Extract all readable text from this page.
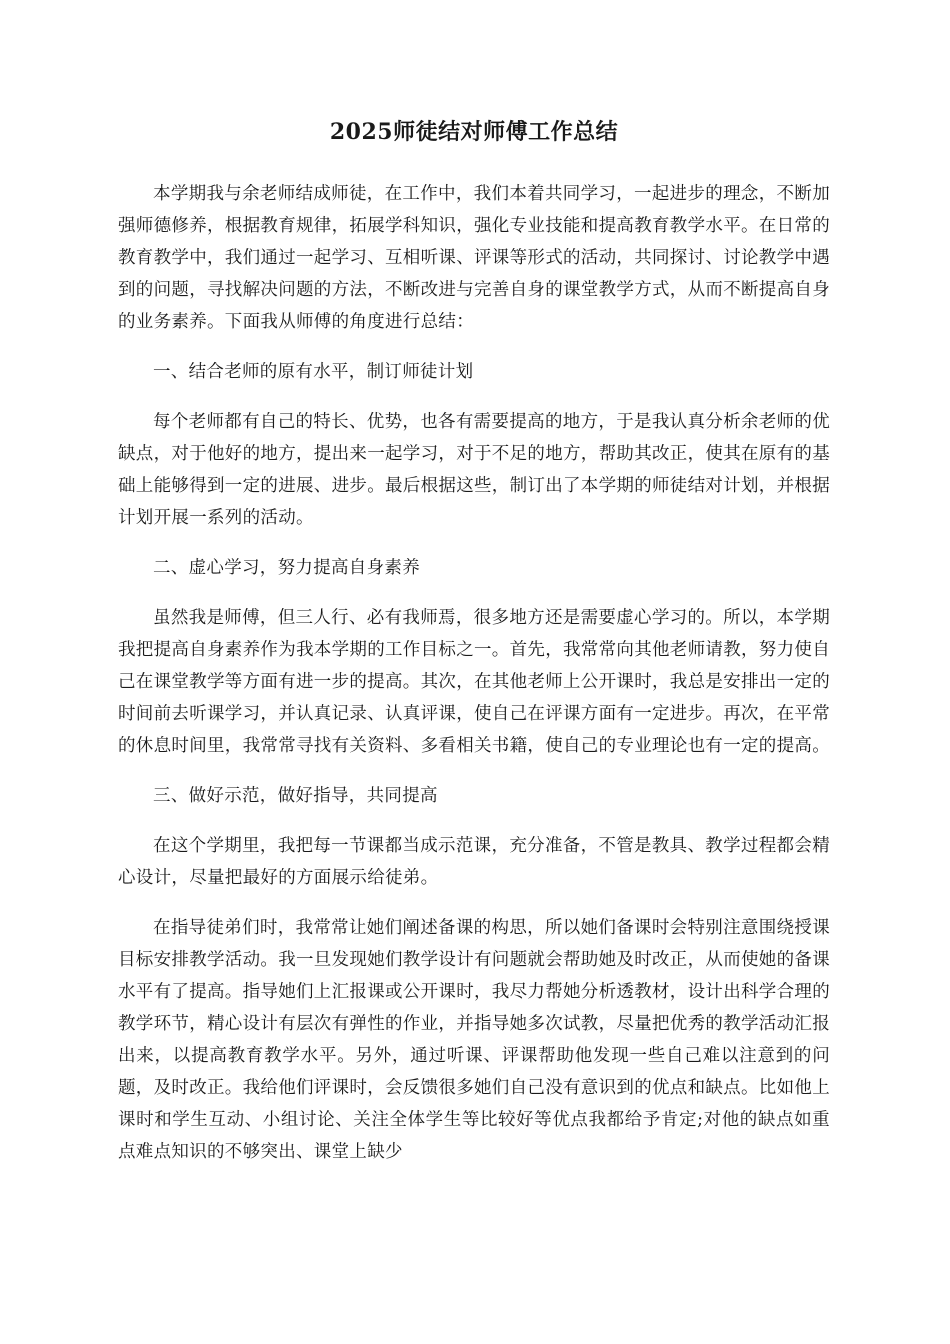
2025师徒结对师傅工作总结

本学期我与余老师结成师徒，在工作中，我们本着共同学习，一起进步的理念，不断加强师德修养，根据教育规律，拓展学科知识，强化专业技能和提高教育教学水平。在日常的教育教学中，我们通过一起学习、互相听课、评课等形式的活动，共同探讨、讨论教学中遇到的问题，寻找解决问题的方法，不断改进与完善自身的课堂教学方式，从而不断提高自身的业务素养。下面我从师傅的角度进行总结：

一、结合老师的原有水平，制订师徒计划

每个老师都有自己的特长、优势，也各有需要提高的地方，于是我认真分析余老师的优缺点，对于他好的地方，提出来一起学习，对于不足的地方，帮助其改正，使其在原有的基础上能够得到一定的进展、进步。最后根据这些，制订出了本学期的师徒结对计划，并根据计划开展一系列的活动。

二、虚心学习，努力提高自身素养

虽然我是师傅，但三人行、必有我师焉，很多地方还是需要虚心学习的。所以，本学期我把提高自身素养作为我本学期的工作目标之一。首先，我常常向其他老师请教，努力使自己在课堂教学等方面有进一步的提高。其次，在其他老师上公开课时，我总是安排出一定的时间前去听课学习，并认真记录、认真评课，使自己在评课方面有一定进步。再次，在平常的休息时间里，我常常寻找有关资料、多看相关书籍，使自己的专业理论也有一定的提高。

三、做好示范，做好指导，共同提高

在这个学期里，我把每一节课都当成示范课，充分准备，不管是教具、教学过程都会精心设计，尽量把最好的方面展示给徒弟。

在指导徒弟们时，我常常让她们阐述备课的构思，所以她们备课时会特别注意围绕授课目标安排教学活动。我一旦发现她们教学设计有问题就会帮助她及时改正，从而使她的备课水平有了提高。指导她们上汇报课或公开课时，我尽力帮她分析透教材，设计出科学合理的教学环节，精心设计有层次有弹性的作业，并指导她多次试教，尽量把优秀的教学活动汇报出来，以提高教育教学水平。另外，通过听课、评课帮助他发现一些自己难以注意到的问题，及时改正。我给他们评课时，会反馈很多她们自己没有意识到的优点和缺点。比如他上课时和学生互动、小组讨论、关注全体学生等比较好等优点我都给予肯定;对他的缺点如重点难点知识的不够突出、课堂上缺少
